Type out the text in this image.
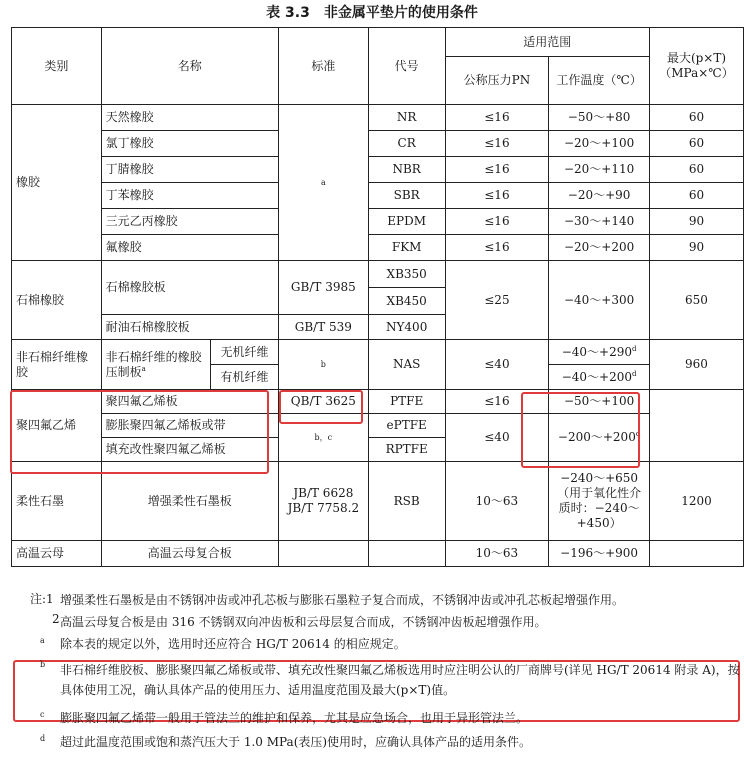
表 3.3　非金属平垫片的使用条件
类别	名称		标准	代号	适用范围		最大(p×T)（MPa×℃）
					公称压力PN	工作温度（℃）	
橡胶	天然橡胶		a	NR	≤16	−50～+80	60
	氯丁橡胶			CR	≤16	−20～+100	60
	丁腈橡胶			NBR	≤16	−20～+110	60
	丁苯橡胶			SBR	≤16	−20～+90	60
	三元乙丙橡胶			EPDM	≤16	−30～+140	90
	氟橡胶			FKM	≤16	−20～+200	90
石棉橡胶	石棉橡胶板		GB/T 3985	XB350	≤25	−40～+300	650
				XB450			
	耐油石棉橡胶板		GB/T 539	NY400			
非石棉纤维橡胶	非石棉纤维的橡胶压制板$^a$	无机纤维	b	NAS	≤40	$-40\sim+290^d$	960
		有机纤维				$-40\sim+200^d$
聚四氟乙烯	聚四氟乙烯板		QB/T 3625	PTFE	≤16	−50～+100	
	膨胀聚四氟乙烯板或带		b，c	ePTFE	≤40	$-200\sim+200^d$
	填充改性聚四氟乙烯板			RPTFE			
柔性石墨	增强柔性石墨板		JB/T 6628 JB/T 7758.2	RSB	10～63	−240～+650（用于氧化性介质时：−240～+450）	1200
高温云母	高温云母复合板				10～63	−196～+900	
注:1 增强柔性石墨板是由不锈钢冲齿或冲孔芯板与膨胀石墨粒子复合而成，不锈钢冲齿或冲孔芯板起增强作用。
2 高温云母复合板是由 316 不锈钢双向冲齿板和云母层复合而成，不锈钢冲齿板起增强作用。
a 除本表的规定以外，选用时还应符合 HG/T 20614 的相应规定。
b 非石棉纤维胶板、膨胀聚四氟乙烯板或带、填充改性聚四氟乙烯板选用时应注明公认的厂商牌号(详见 HG/T 20614 附录 A)，按具体使用工况，确认具体产品的使用压力、适用温度范围及最大(p×T)值。
c 膨胀聚四氟乙烯带一般用于管法兰的维护和保养，尤其是应急场合，也用于异形管法兰。
d 超过此温度范围或饱和蒸汽压大于 1.0 MPa(表压)使用时，应确认具体产品的适用条件。
